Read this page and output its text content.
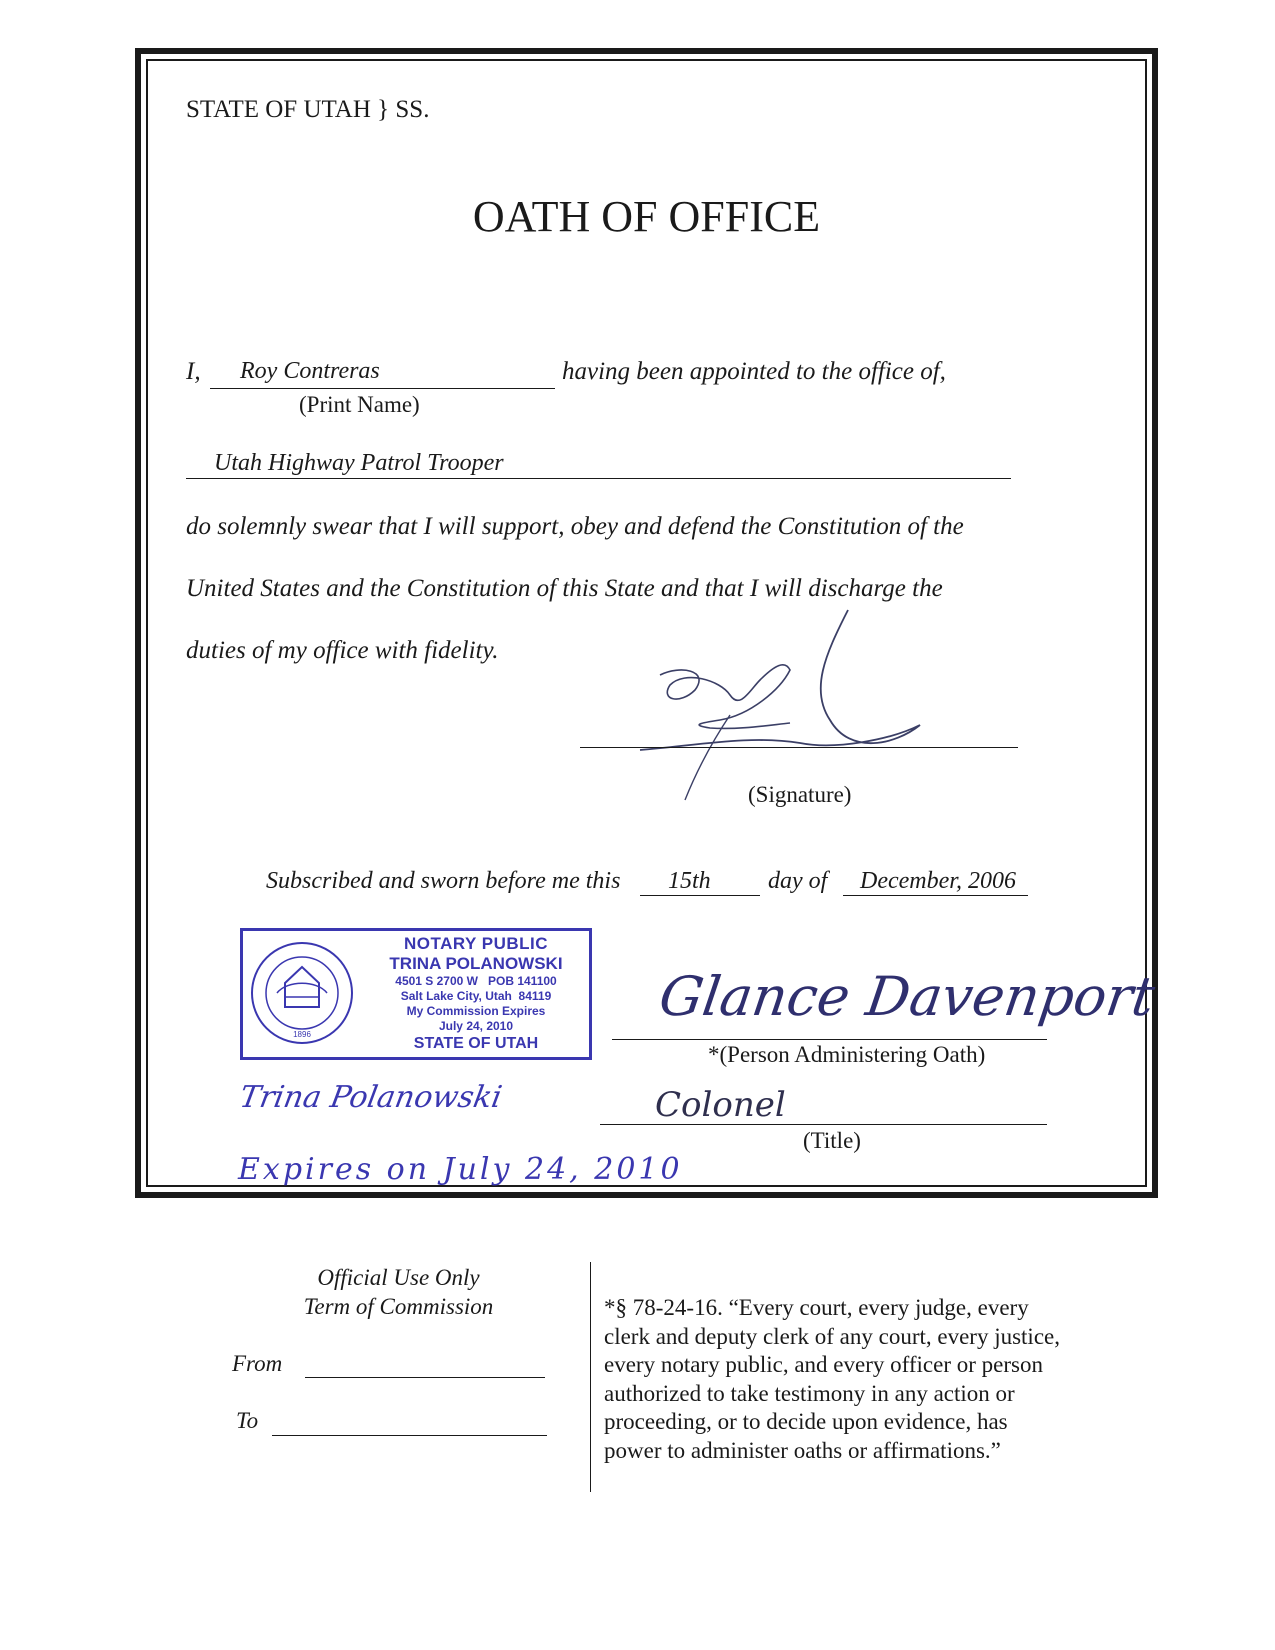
STATE OF UTAH } SS.
OATH OF OFFICE
I, Roy Contreras	having been appointed to the office of,
(Print Name)
Utah Highway Patrol Trooper
do solemnly swear that I will support, obey and defend the Constitution of the
United States and the Constitution of this State and that I will discharge the
duties of my office with fidelity.
(Signature)
Subscribed and sworn before me this 15th day of December, 2006
1896
NOTARY PUBLIC
TRINA POLANOWSKI
4501 S 2700 W   POB 141100
Salt Lake City, Utah  84119
My Commission Expires
July 24, 2010
STATE OF UTAH
Trina Polanowski
Expires on July 24, 2010
Glance Davenport
*(Person Administering Oath)
Colonel
(Title)
Official Use Only
Term of Commission
From
To
*§ 78-24-16. “Every court, every judge, every
clerk and deputy clerk of any court, every justice,
every notary public, and every officer or person
authorized to take testimony in any action or
proceeding, or to decide upon evidence, has
power to administer oaths or affirmations.”
